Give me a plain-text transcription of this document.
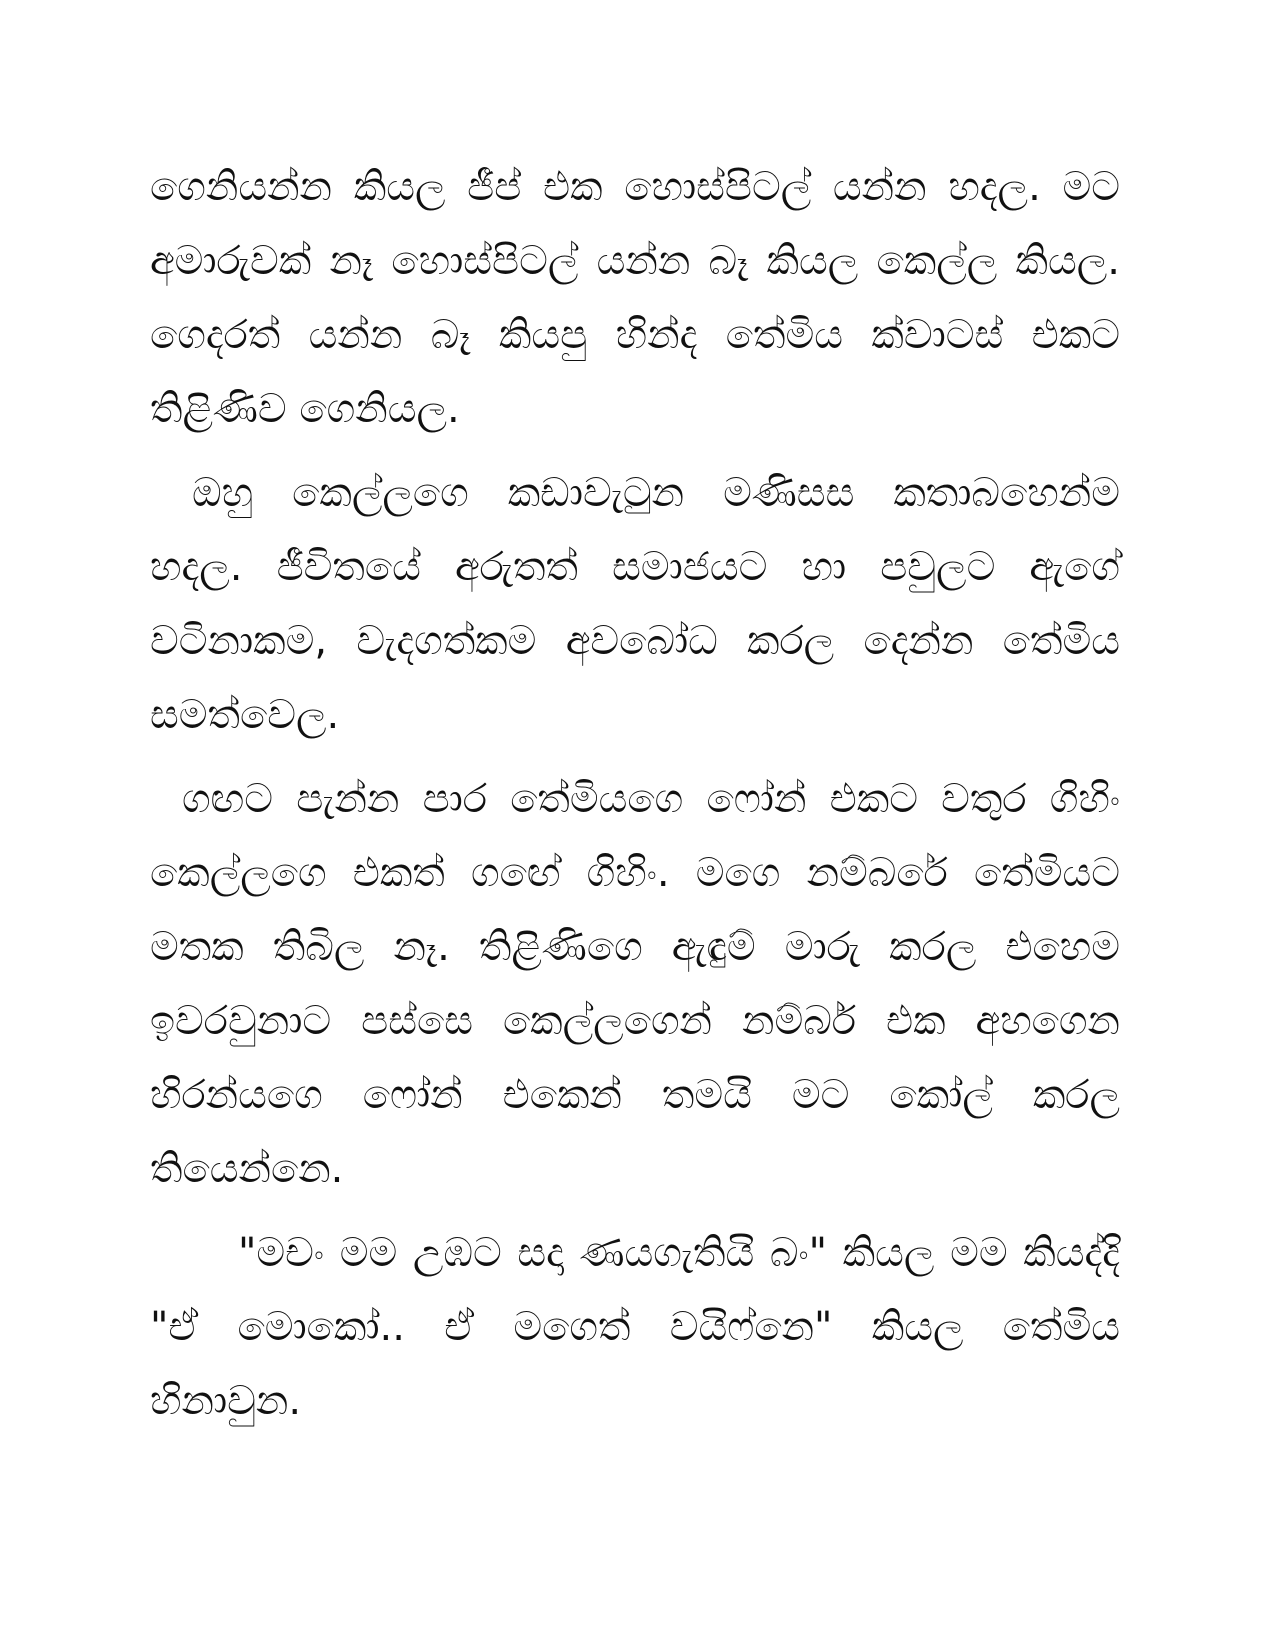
ගෙනියන්න කියල ජීප් එක හොස්පිටල් යන්න හදල. මට අමාරුවක් නෑ හොස්පිටල් යන්න බෑ කියල කෙල්ල කියල. ගෙදරත් යන්න බෑ කියපු හින්ද තේමිය ක්වාටස් එකට තිළිණිව ගෙනියල.

ඔහු කෙල්ලගෙ කඩාවැටුන මණිසස කතාබහෙන්ම හදල. ජීවිතයේ අරුතත් සමාජයට හා පවුලට ඇගේ වටිනාකම, වැදගත්කම අවබෝධ කරල දෙන්න තේමිය සමත්වෙල.

ගඟට පැන්න පාර තේමියගෙ ෆෝන් එකට වතුර ගිහිං කෙල්ලගෙ එකත් ගඟේ ගිහිං. මගෙ නම්බරේ තේමියට මතක තිබිල නෑ. තිළිණිගෙ ඇඳුම් මාරු කරල එහෙම ඉවරවුනාට පස්සෙ කෙල්ලගෙන් නම්බර් එක අහගෙන හිරන්යගෙ ෆෝන් එකෙන් තමයි මට කෝල් කරල තියෙන්නෙ.

"මචං මම උඹට සදා ණයගැතියි බං" කියල මම කියද්දි "ඒ මොකෝ.. ඒ මගෙත් වයිෆ්නෙ" කියල තේමිය හිනාවුන.
